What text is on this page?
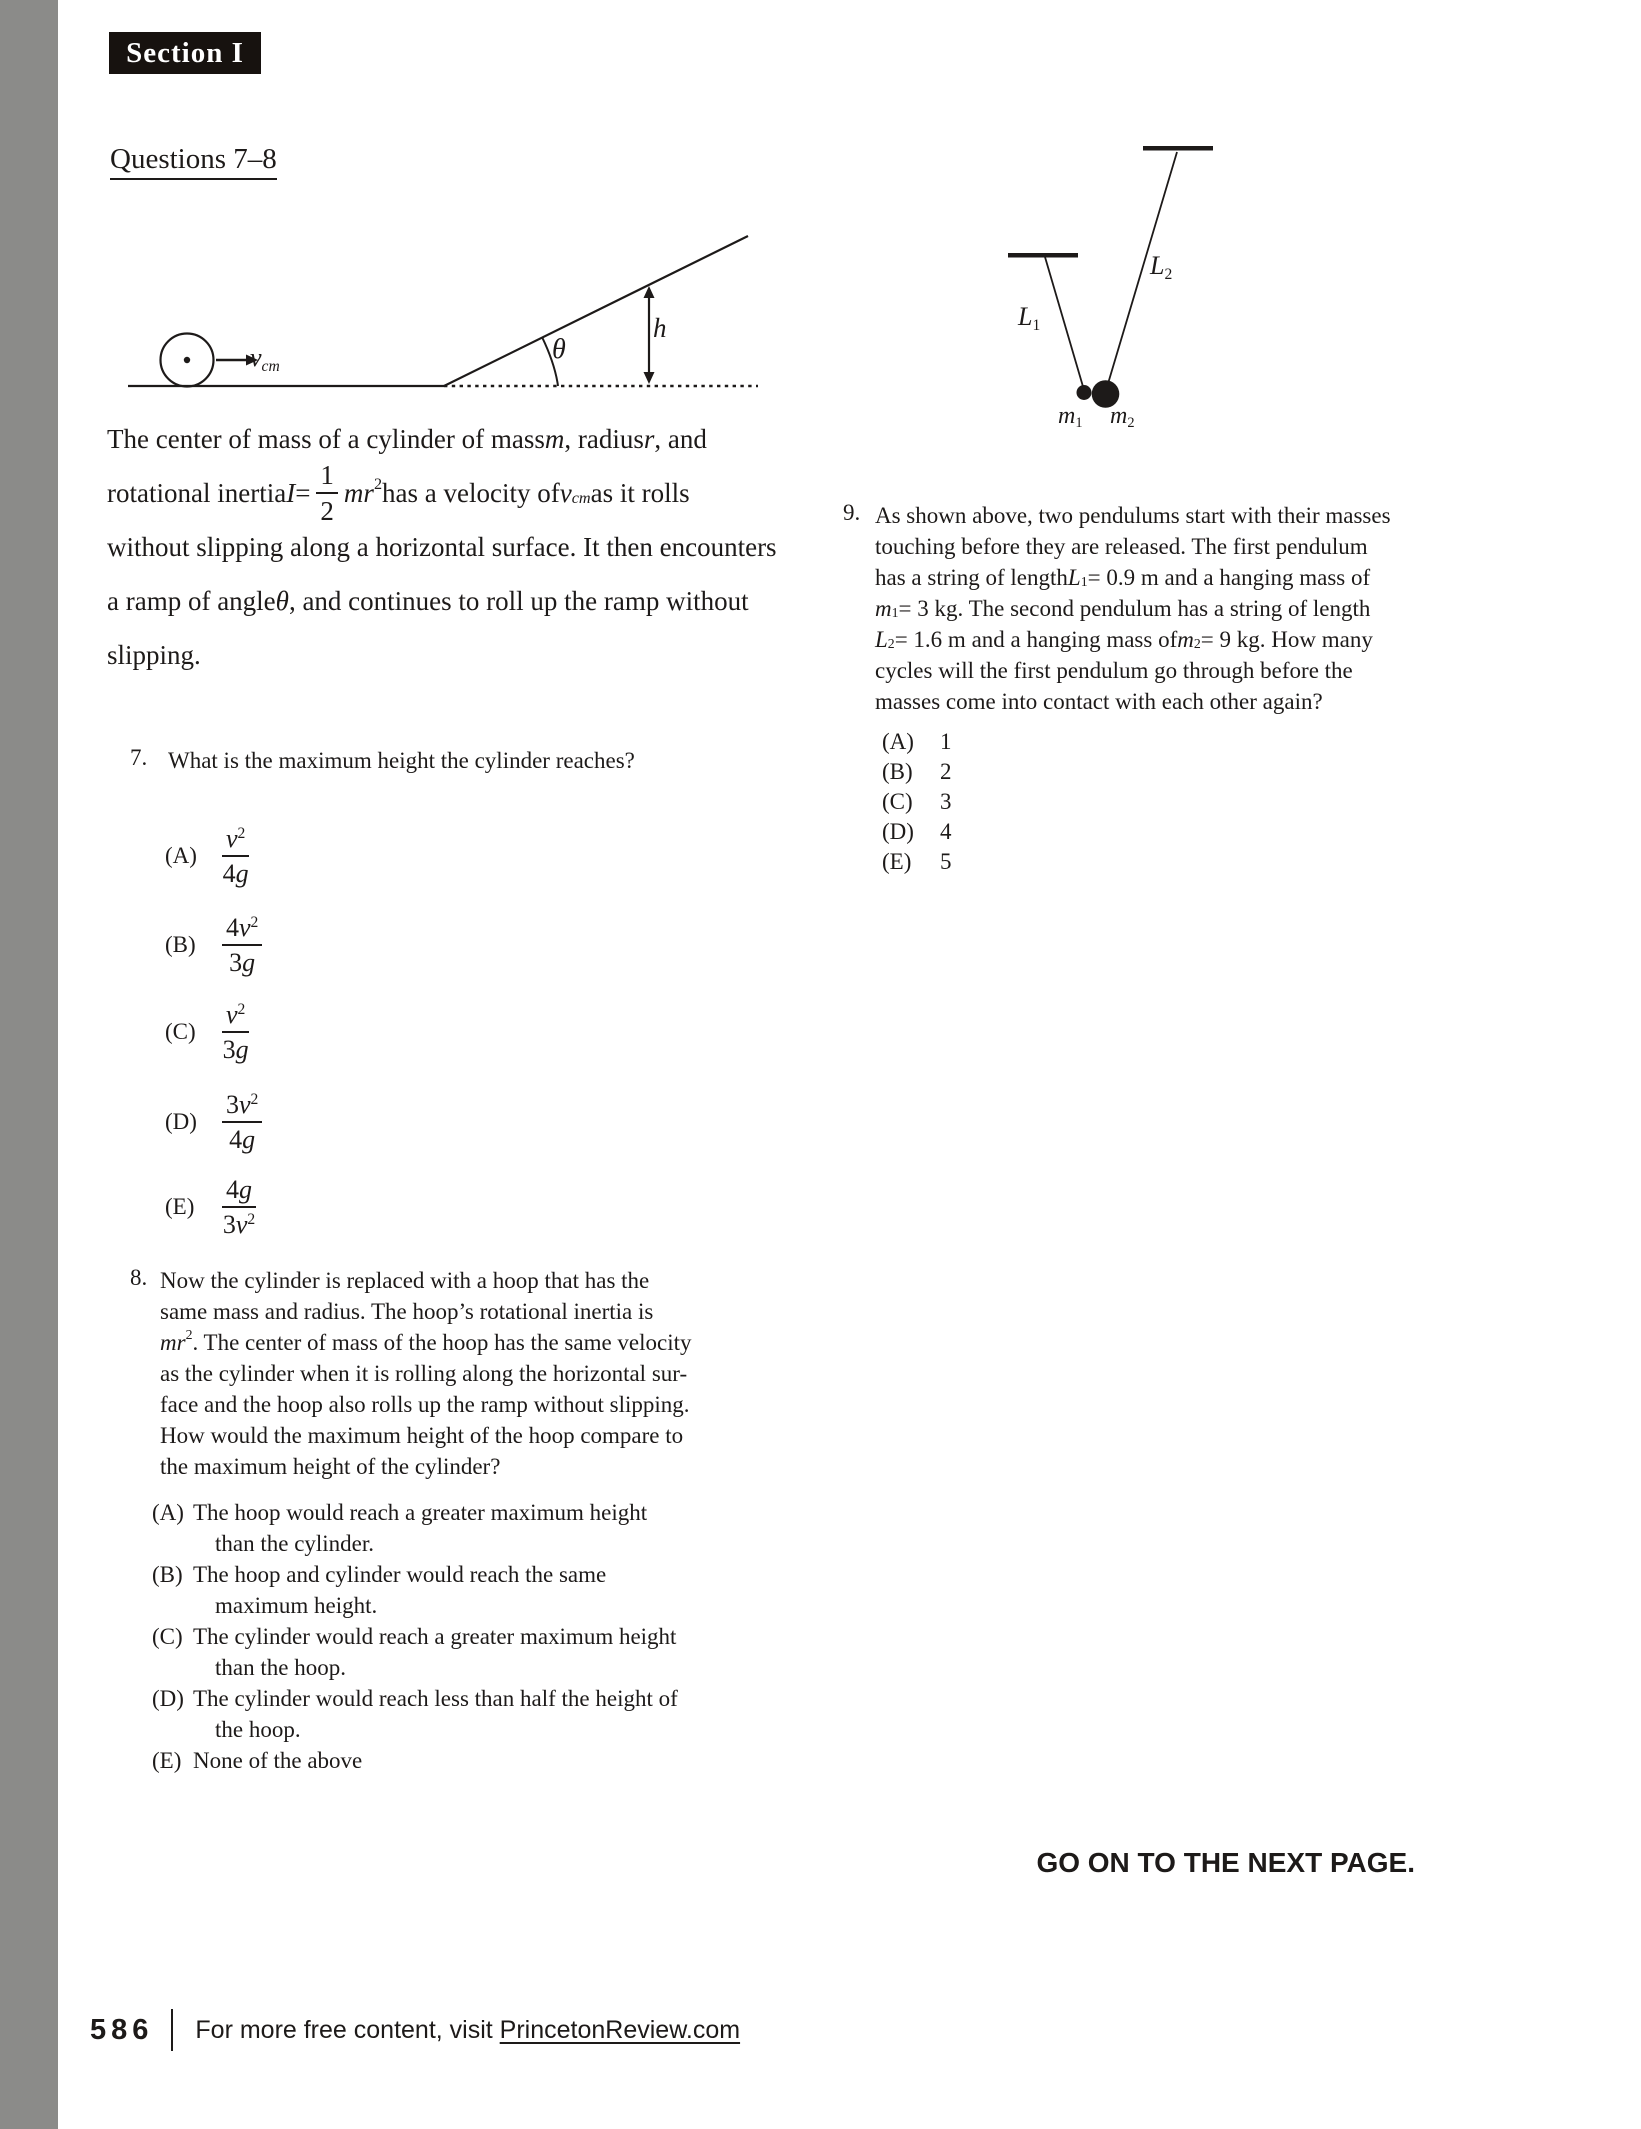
Section I
Questions 7–8
$v_{cm}$
θ
h
The center of mass of a cylinder of mass m , radius r , and
rotational inertia $I = \frac{1}{2} mr^2$ has a velocity of v $_{cm}$ as it rolls
without slipping along a horizontal surface. It then encounters
a ramp of angle θ , and continues to roll up the ramp without
slipping.
7. What is the maximum height the cylinder reaches?
$(A) \frac{v^2}{4g}$
(B)	$\frac{4v^2}{3g}$
(C)	$\frac{v^2}{3g}$
$(D) \frac{3v^2}{4g}$
(E)	$\frac{4g}{3v^2}$
8. Now the cylinder is replaced with a hoop that has the
same mass and radius. The hoop’s rotational inertia is
$mr^2$ . The center of mass of the hoop has the same velocity
as the cylinder when it is rolling along the horizontal sur-
face and the hoop also rolls up the ramp without slipping.
How would the maximum height of the hoop compare to
the maximum height of the cylinder?
(A) The hoop would reach a greater maximum height
than the cylinder.
(B) The hoop and cylinder would reach the same
maximum height.
(C) The cylinder would reach a greater maximum height
than the hoop.
(D) The cylinder would reach less than half the height of
the hoop.
(E) None of the above
$L_1$
$L_2$
$m_1$ $m_2$
9. As shown above, two pendulums start with their masses
touching before they are released. The first pendulum
has a string of length $L_1 = 0.9$ m and a hanging mass of
$m_1 = 3$ kg. The second pendulum has a string of length
$L_2 = 1.6$ m and a hanging mass of $m_2 = 9$ kg. How many
cycles will the first pendulum go through before the
masses come into contact with each other again?
(A)	1
(B)	2
(C)	3
(D)	4
(E)	5
GO ON TO THE NEXT PAGE.
586 For more free content, visit PrincetonReview.com
